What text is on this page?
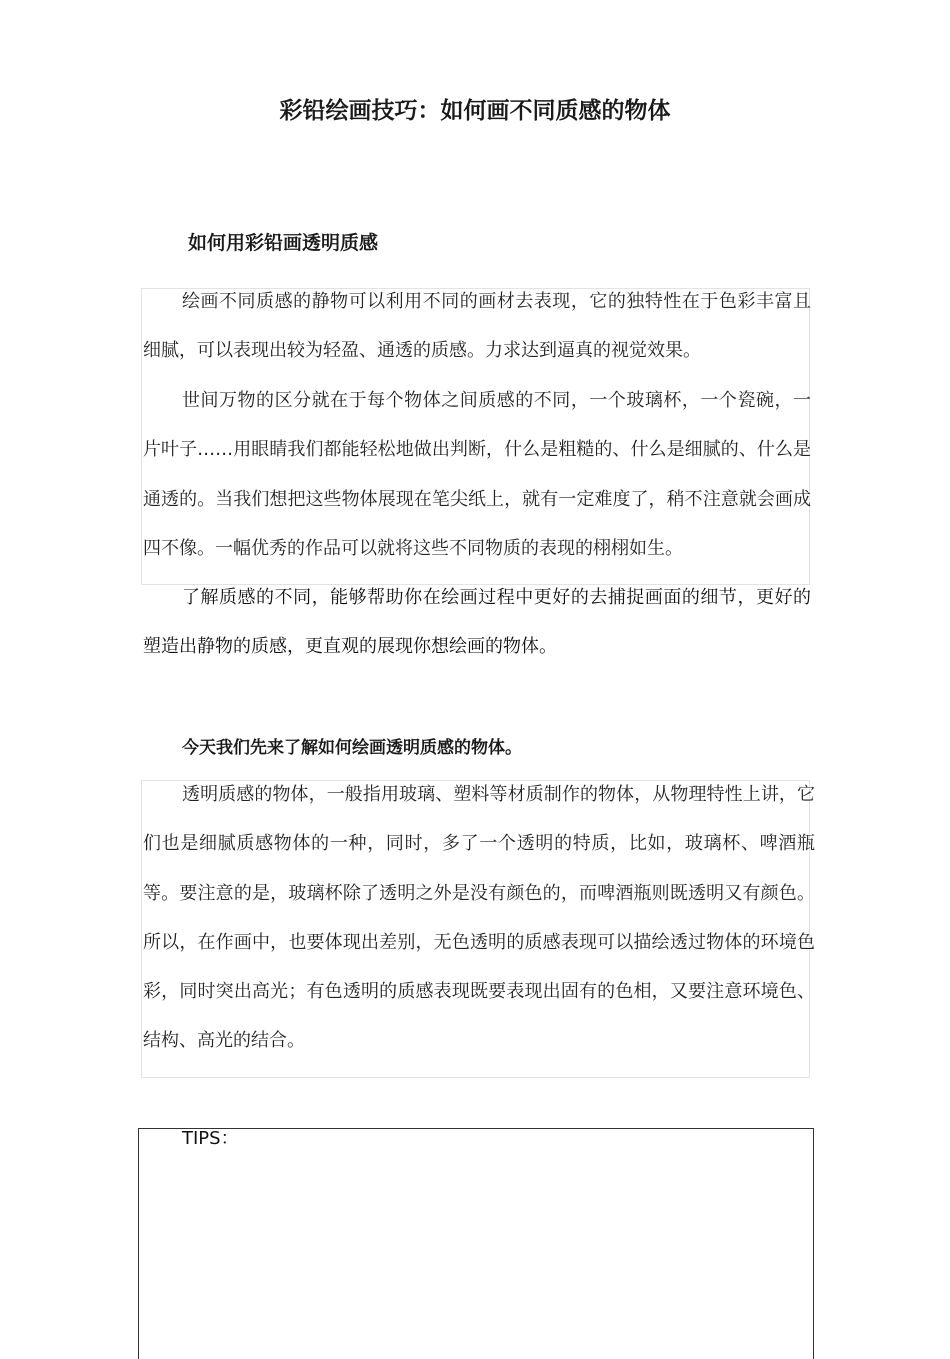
彩铅绘画技巧：如何画不同质感的物体
如何用彩铅画透明质感

绘画不同质感的静物可以利用不同的画材去表现，它的独特性在于色彩丰富且细腻，可以表现出较为轻盈、通透的质感。力求达到逼真的视觉效果。

世间万物的区分就在于每个物体之间质感的不同，一个玻璃杯，一个瓷碗，一片叶子……用眼睛我们都能轻松地做出判断，什么是粗糙的、什么是细腻的、什么是通透的。当我们想把这些物体展现在笔尖纸上，就有一定难度了，稍不注意就会画成四不像。一幅优秀的作品可以就将这些不同物质的表现的栩栩如生。

了解质感的不同，能够帮助你在绘画过程中更好的去捕捉画面的细节，更好的塑造出静物的质感，更直观的展现你想绘画的物体。

今天我们先来了解如何绘画透明质感的物体。

透明质感的物体，一般指用玻璃、塑料等材质制作的物体，从物理特性上讲，它们也是细腻质感物体的一种，同时，多了一个透明的特质，比如，玻璃杯、啤酒瓶等。要注意的是，玻璃杯除了透明之外是没有颜色的，而啤酒瓶则既透明又有颜色。所以，在作画中，也要体现出差别，无色透明的质感表现可以描绘透过物体的环境色彩，同时突出高光；有色透明的质感表现既要表现出固有的色相，又要注意环境色、结构、高光的结合。

TIPS：
